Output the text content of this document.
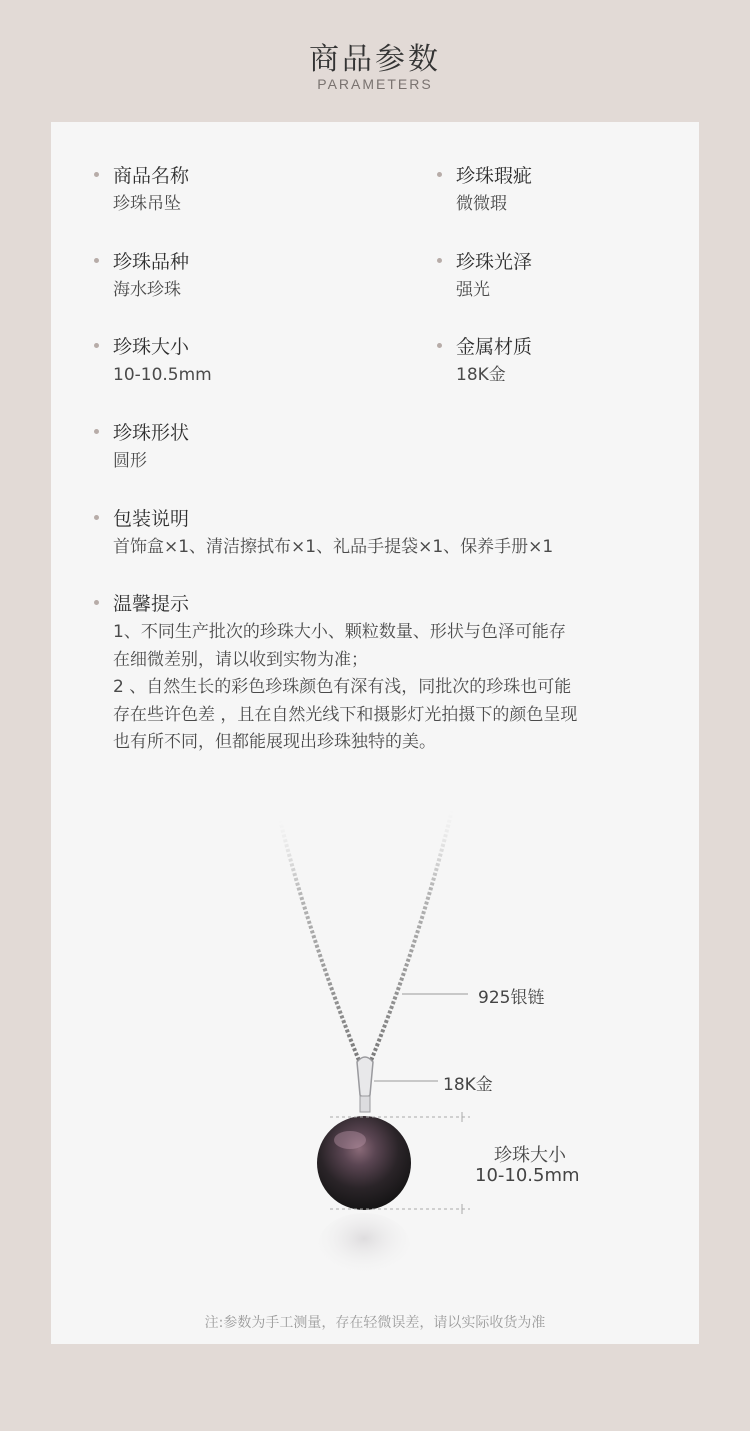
商品参数
PARAMETERS
商品名称
珍珠吊坠
珍珠瑕疵
微微瑕
珍珠品种
海水珍珠
珍珠光泽
强光
珍珠大小
10-10.5mm
金属材质
18K金
珍珠形状
圆形
包装说明
首饰盒×1、清洁擦拭布×1、礼品手提袋×1、保养手册×1
温馨提示
1、不同生产批次的珍珠大小、颗粒数量、形状与色泽可能存
在细微差别，请以收到实物为准；
2 、自然生长的彩色珍珠颜色有深有浅，同批次的珍珠也可能
存在些许色差 ，且在自然光线下和摄影灯光拍摄下的颜色呈现
也有所不同，但都能展现出珍珠独特的美。
925银链
18K金
珍珠大小
10-10.5mm
注:参数为手工测量，存在轻微误差，请以实际收货为准
